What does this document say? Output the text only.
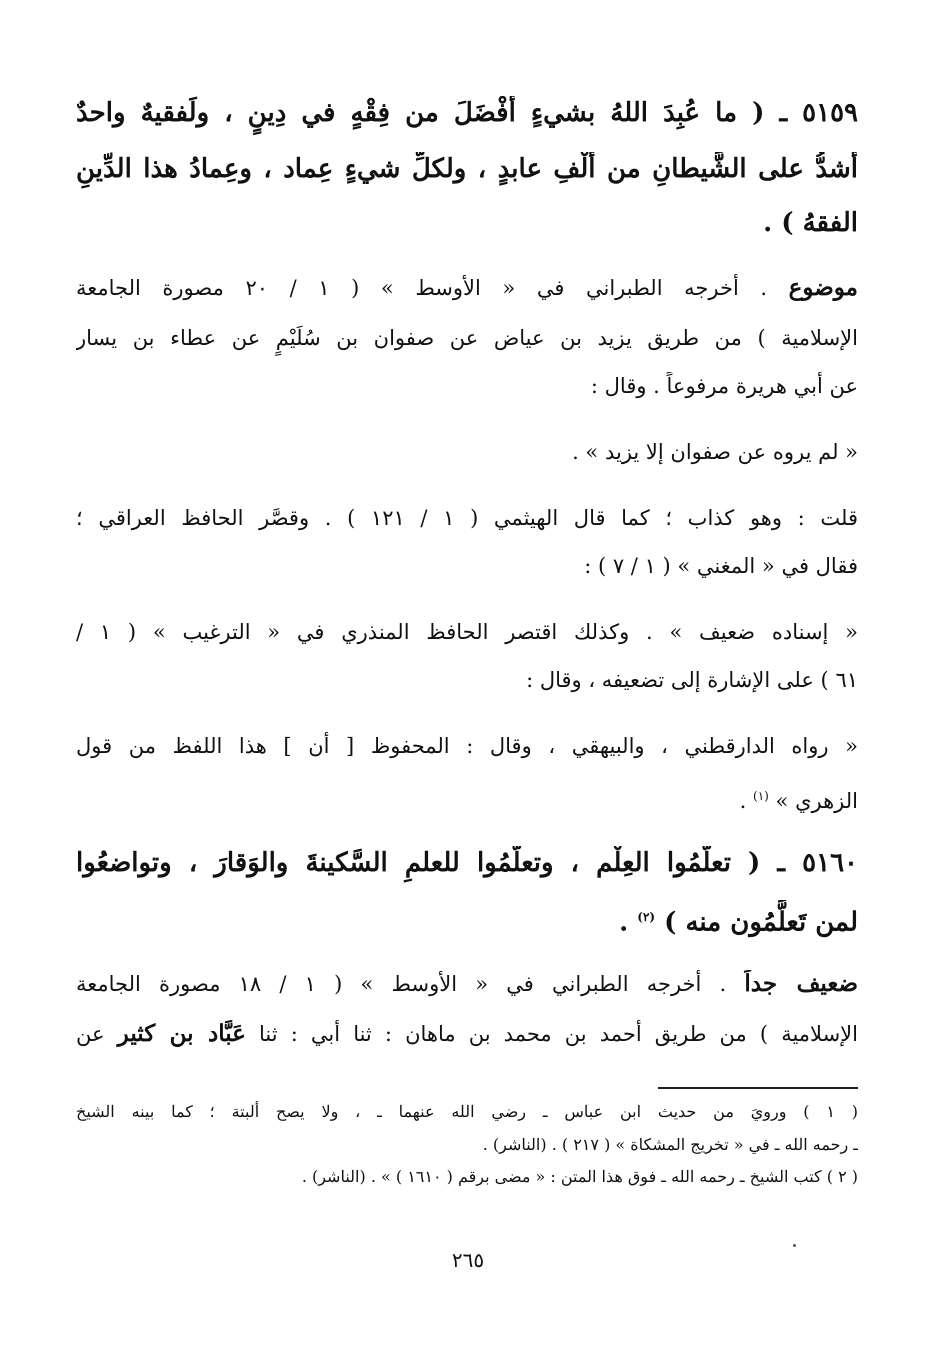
٥١٥٩ ـ ( ما عُبِدَ اللهُ بشيءٍ أفْضَلَ من فِقْهٍ في دِينٍ ، ولَفقيهٌ واحدٌ
أشدُّ على الشَّيطانِ من ألْفِ عابدٍ ، ولكلِّ شيءٍ عِماد ، وعِمادُ هذا الدِّينِ
الفقهُ ) .
موضوع . أخرجه الطبراني في « الأوسط » ( ١ / ٢٠ مصورة الجامعة
الإسلامية ) من طريق يزيد بن عياض عن صفوان بن سُلَيْمٍ عن عطاء بن يسار
عن أبي هريرة مرفوعاً . وقال :
« لم يروه عن صفوان إلا يزيد » .
قلت : وهو كذاب ؛ كما قال الهيثمي ( ١ / ١٢١ ) . وقصَّر الحافظ العراقي ؛
فقال في « المغني » ( ١ / ٧ ) :
« إسناده ضعيف » . وكذلك اقتصر الحافظ المنذري في « الترغيب » ( ١ /
٦١ ) على الإشارة إلى تضعيفه ، وقال :
« رواه الدارقطني ، والبيهقي ، وقال : المحفوظ [ أن ] هذا اللفظ من قول
الزهري » $^{(١)}$ .
٥١٦٠ ـ ( تعلَّمُوا العِلْم ، وتعلَّمُوا للعلمِ السَّكينةَ والوَقارَ ، وتواضعُوا
لمن تَعلَّمُون منه ) $^{(٢)}$ .
ضعيف جداً . أخرجه الطبراني في « الأوسط » ( ١ / ١٨ مصورة الجامعة
الإسلامية ) من طريق أحمد بن محمد بن ماهان : ثنا أبي : ثنا عَبَّاد بن كثير عن
( ١ ) ورويَ من حديث ابن عباس ـ رضي الله عنهما ـ ، ولا يصح ألبتة ؛ كما بينه الشيخ
ـ رحمه الله ـ في « تخريج المشكاة » ( ٢١٧ ) . (الناشر) .
( ٢ ) كتب الشيخ ـ رحمه الله ـ فوق هذا المتن : « مضى برقم ( ١٦١٠ ) » . (الناشر) .
٢٦٥
